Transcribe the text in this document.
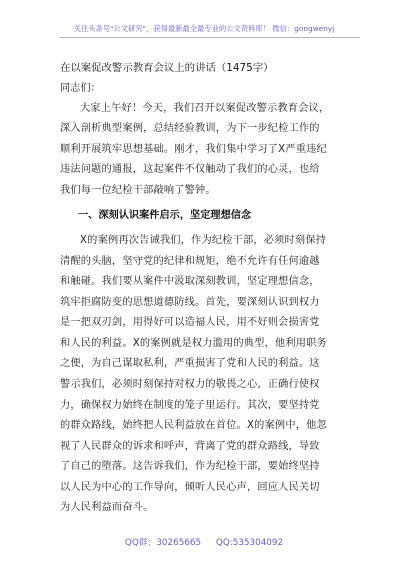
关注头条号"公文研究"，获得最新最全最专业的公文资料库！ 微信：gongwenyj
在以案促改警示教育会议上的讲话（1475字）
同志们：
大家上午好！今天，我们召开以案促改警示教育会议，
深入剖析典型案例，总结经验教训，为下一步纪检工作的
顺利开展筑牢思想基础。刚才，我们集中学习了X严重违纪
违法问题的通报，这起案件不仅触动了我们的心灵，也给
我们每一位纪检干部敲响了警钟。
一、深刻认识案件启示，坚定理想信念
X的案例再次告诫我们，作为纪检干部，必须时刻保持
清醒的头脑，坚守党的纪律和规矩，绝不允许有任何逾越
和触碰。我们要从案件中汲取深刻教训，坚定理想信念，
筑牢拒腐防变的思想道德防线。首先，要深刻认识到权力
是一把双刃剑，用得好可以造福人民，用不好则会损害党
和人民的利益。X的案例就是权力滥用的典型，他利用职务
之便，为自己谋取私利，严重损害了党和人民的利益。这
警示我们，必须时刻保持对权力的敬畏之心，正确行使权
力，确保权力始终在制度的笼子里运行。其次，要坚持党
的群众路线，始终把人民利益放在首位。X的案例中，他忽
视了人民群众的诉求和呼声，背离了党的群众路线，导致
了自己的堕落。这告诉我们，作为纪检干部，要始终坚持
以人民为中心的工作导向，倾听人民心声，回应人民关切
为人民利益而奋斗。
QQ群：30265665 QQ:535304092
